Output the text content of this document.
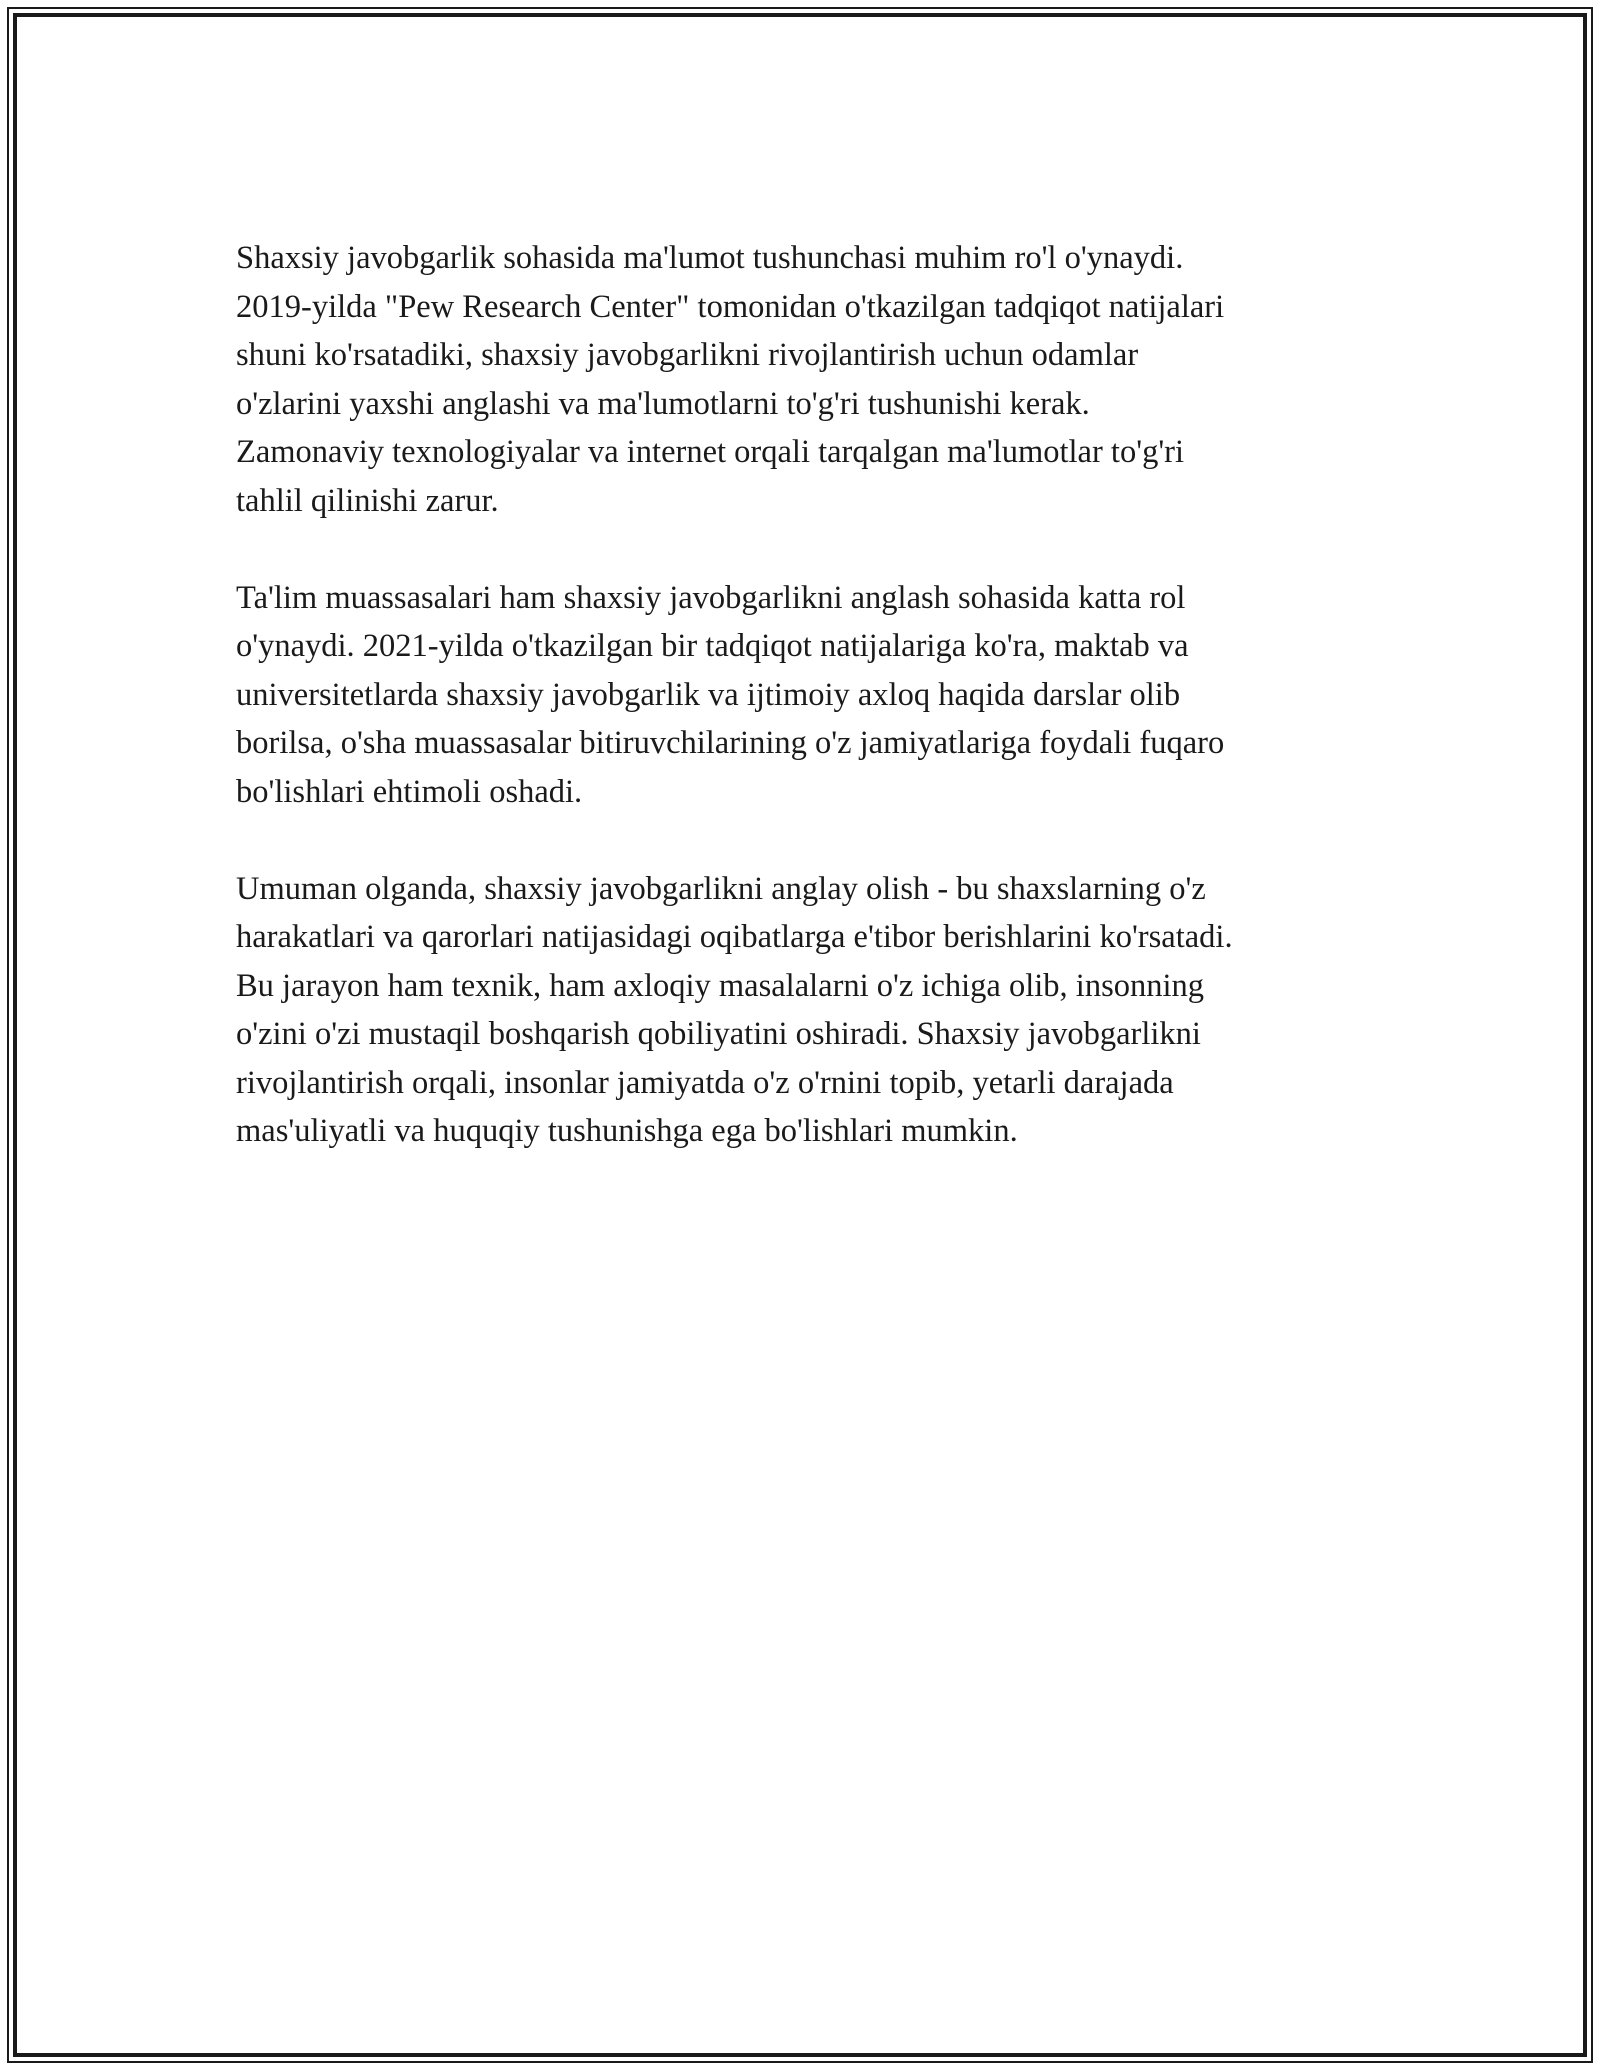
Shaxsiy javobgarlik sohasida ma'lumot tushunchasi muhim ro'l o'ynaydi.
2019-yilda "Pew Research Center" tomonidan o'tkazilgan tadqiqot natijalari
shuni ko'rsatadiki, shaxsiy javobgarlikni rivojlantirish uchun odamlar
o'zlarini yaxshi anglashi va ma'lumotlarni to'g'ri tushunishi kerak.
Zamonaviy texnologiyalar va internet orqali tarqalgan ma'lumotlar to'g'ri
tahlil qilinishi zarur.

Ta'lim muassasalari ham shaxsiy javobgarlikni anglash sohasida katta rol
o'ynaydi. 2021-yilda o'tkazilgan bir tadqiqot natijalariga ko'ra, maktab va
universitetlarda shaxsiy javobgarlik va ijtimoiy axloq haqida darslar olib
borilsa, o'sha muassasalar bitiruvchilarining o'z jamiyatlariga foydali fuqaro
bo'lishlari ehtimoli oshadi.

Umuman olganda, shaxsiy javobgarlikni anglay olish - bu shaxslarning o'z
harakatlari va qarorlari natijasidagi oqibatlarga e'tibor berishlarini ko'rsatadi.
Bu jarayon ham texnik, ham axloqiy masalalarni o'z ichiga olib, insonning
o'zini o'zi mustaqil boshqarish qobiliyatini oshiradi. Shaxsiy javobgarlikni
rivojlantirish orqali, insonlar jamiyatda o'z o'rnini topib, yetarli darajada
mas'uliyatli va huquqiy tushunishga ega bo'lishlari mumkin.
